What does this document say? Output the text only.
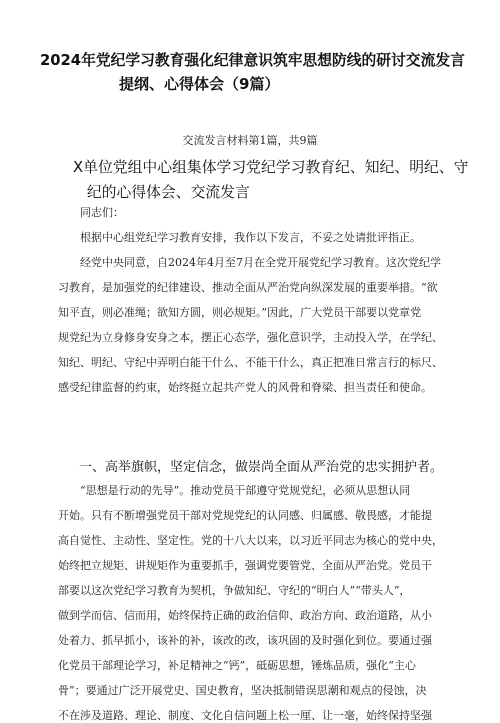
2024年党纪学习教育强化纪律意识筑牢思想防线的研讨交流发言
提纲、心得体会（9篇）
交流发言材料第1篇，共9篇
X单位党组中心组集体学习党纪学习教育纪、知纪、明纪、守
纪的心得体会、交流发言
同志们：
根据中心组党纪学习教育安排，我作以下发言，不妥之处请批评指正。
经党中央同意，自2024年4月至7月在全党开展党纪学习教育。这次党纪学
习教育，是加强党的纪律建设、推动全面从严治党向纵深发展的重要举措。“欲
知平直，则必准绳；欲知方圆，则必规矩。”因此，广大党员干部要以党章党
规党纪为立身修身安身之本，摆正心态学，强化意识学，主动投入学，在学纪、
知纪、明纪、守纪中弄明白能干什么、不能干什么，真正把准日常言行的标尺、
感受纪律监督的约束，始终挺立起共产党人的风骨和脊梁、担当责任和使命。
一、高举旗帜，坚定信念，做崇尚全面从严治党的忠实拥护者。
“思想是行动的先导”。推动党员干部遵守党规党纪，必须从思想认同
开始。只有不断增强党员干部对党规党纪的认同感、归属感、敬畏感，才能提
高自觉性、主动性、坚定性。党的十八大以来，以习近平同志为核心的党中央，
始终把立规矩、讲规矩作为重要抓手，强调党要管党、全面从严治党。党员干
部要以这次党纪学习教育为契机，争做知纪、守纪的“明白人”“带头人”，
做到学而信、信而用，始终保持正确的政治信仰、政治方向、政治道路，从小
处着力、抓早抓小，该补的补，该改的改，该巩固的及时强化到位。要通过强
化党员干部理论学习，补足精神之“钙”，砥砺思想，锤炼品质，强化“主心
骨”；要通过广泛开展党史、国史教育，坚决抵制错误思潮和观点的侵蚀，决
不在涉及道路、理论、制度、文化自信问题上松一厘、让一毫，始终保持坚强
